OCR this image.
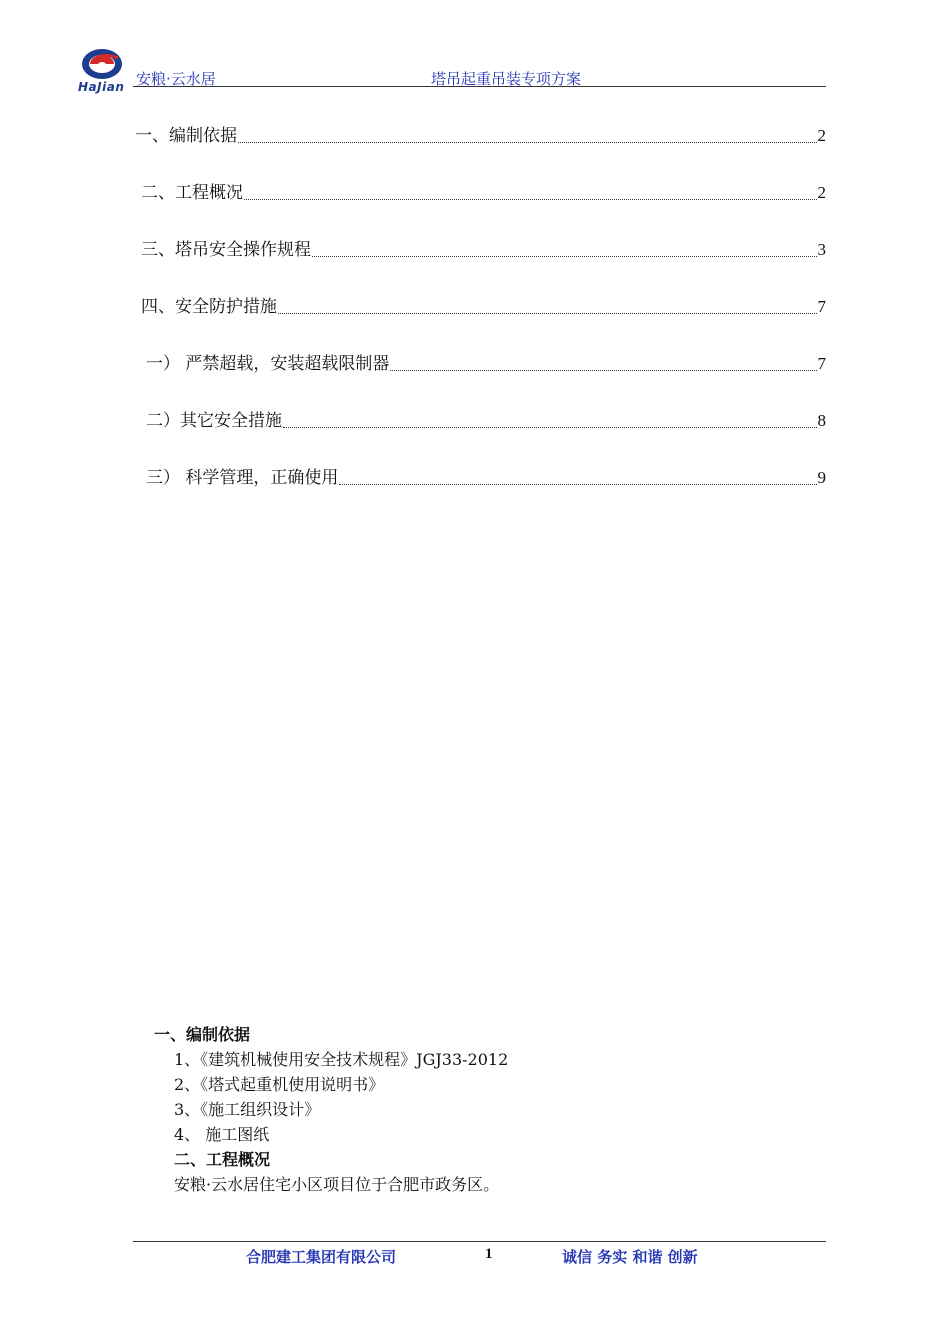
HaJian 安粮·云水居	塔吊起重吊装专项方案
一、编制依据	2
二、工程概况	2
三、塔吊安全操作规程	3
四、安全防护措施	7
一） 严禁超载，安装超载限制器	7
二）其它安全措施	8
三） 科学管理，正确使用	9
一、编制依据
1、《建筑机械使用安全技术规程》JGJ33-2012
2、《塔式起重机使用说明书》
3、《施工组织设计》
4、 施工图纸
二、工程概况
安粮·云水居住宅小区项目位于合肥市政务区。
合肥建工集团有限公司	1	诚信 务实 和谐 创新
